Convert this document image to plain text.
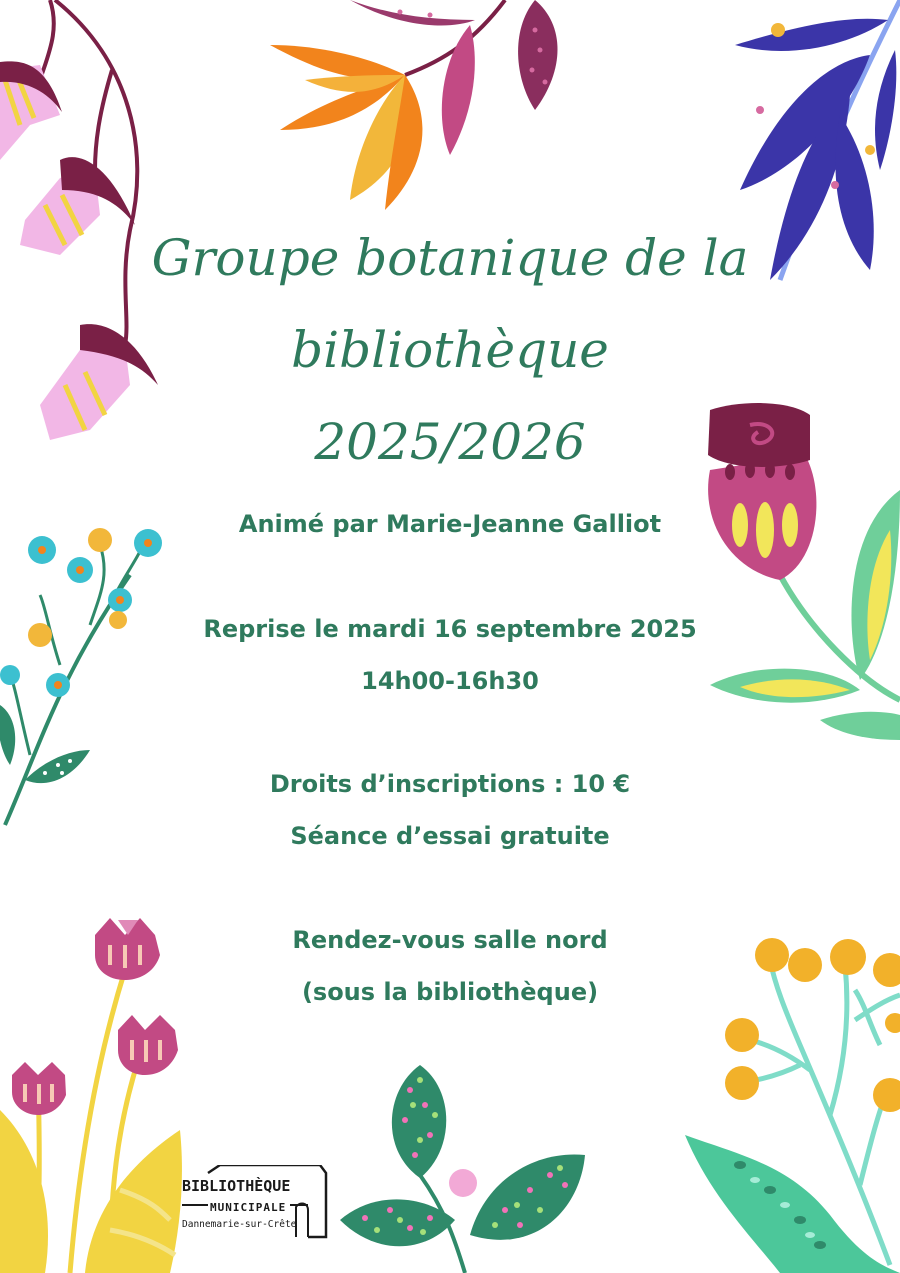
Groupe botanique de la
bibliothèque
2025/2026
Animé par Marie-Jeanne Galliot
Reprise le mardi 16 septembre 2025
14h00-16h30
Droits d’inscriptions : 10 €
Séance d’essai gratuite
Rendez-vous salle nord
(sous la bibliothèque)
BIBLIOTHÈQUE
MUNICIPALE
Dannemarie-sur-Crête
